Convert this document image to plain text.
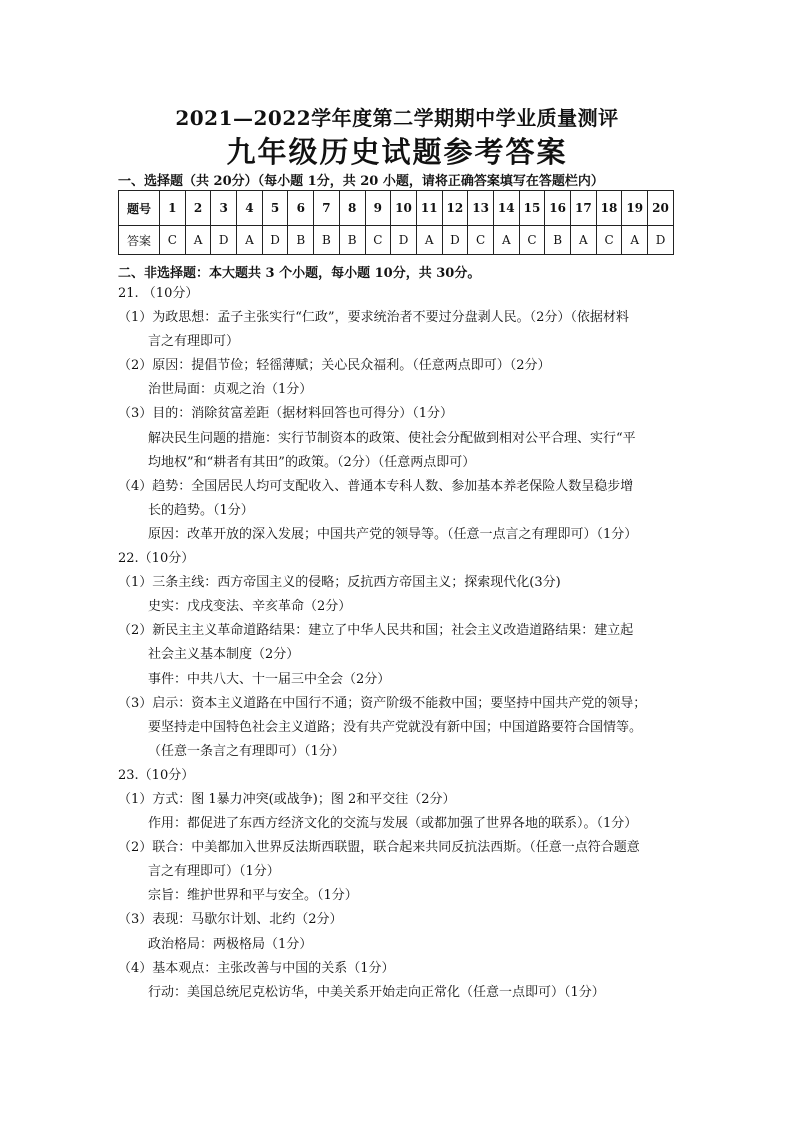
2021—2022学年度第二学期期中学业质量测评
九年级历史试题参考答案
一、选择题（共 20分）（每小题 1分，共 20 小题，请将正确答案填写在答题栏内）
题号	1	2	3	4	5	6	7	8	9	10	11	12	13	14	15	16	17	18	19	20
答案	C	A	D	A	D	B	B	B	C	D	A	D	C	A	C	B	A	C	A	D
二、非选择题：本大题共 3 个小题，每小题 10分，共 30分。
21. （10分）
（1）为政思想：孟子主张实行“仁政”，要求统治者不要过分盘剥人民。（2分）（依据材料
言之有理即可）
（2）原因：提倡节俭；轻徭薄赋；关心民众福利。（任意两点即可）（2分）
治世局面：贞观之治（1分）
（3）目的：消除贫富差距（据材料回答也可得分）（1分）
解决民生问题的措施：实行节制资本的政策、使社会分配做到相对公平合理、实行“平
均地权”和“耕者有其田”的政策。（2分）（任意两点即可）
（4）趋势：全国居民人均可支配收入、普通本专科人数、参加基本养老保险人数呈稳步增
长的趋势。（1分）
原因：改革开放的深入发展；中国共产党的领导等。（任意一点言之有理即可）（1分）
22.（10分）
（1）三条主线：西方帝国主义的侵略；反抗西方帝国主义；探索现代化(3分)
史实：戊戌变法、辛亥革命（2分）
（2）新民主主义革命道路结果：建立了中华人民共和国；社会主义改造道路结果：建立起
社会主义基本制度（2分）
事件：中共八大、十一届三中全会（2分）
（3）启示：资本主义道路在中国行不通；资产阶级不能救中国；要坚持中国共产党的领导；
要坚持走中国特色社会主义道路；没有共产党就没有新中国；中国道路要符合国情等。
（任意一条言之有理即可）（1分）
23.（10分）
（1）方式：图 1暴力冲突(或战争)；图 2和平交往（2分）
作用：都促进了东西方经济文化的交流与发展（或都加强了世界各地的联系）。（1分）
（2）联合：中美都加入世界反法斯西联盟，联合起来共同反抗法西斯。（任意一点符合题意
言之有理即可）（1分）
宗旨：维护世界和平与安全。（1分）
（3）表现：马歇尔计划、北约（2分）
政治格局：两极格局（1分）
（4）基本观点：主张改善与中国的关系（1分）
行动：美国总统尼克松访华，中美关系开始走向正常化（任意一点即可）（1分）
